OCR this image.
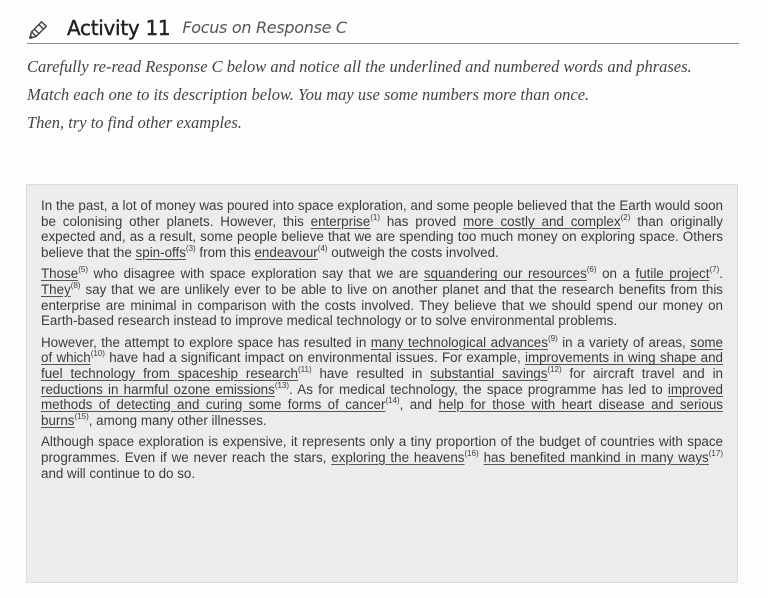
Activity 11 Focus on Response C

Carefully re-read Response C below and notice all the underlined and numbered words and phrases.

Match each one to its description below. You may use some numbers more than once.

Then, try to find other examples.

In the past, a lot of money was poured into space exploration, and some people believed that the Earth would soon be colonising other planets. However, this enterprise$^{(1)}$ has proved more costly and complex$^{(2)}$ than originally expected and, as a result, some people believe that we are spending too much money on exploring space. Others believe that the spin-offs$^{(3)}$ from this endeavour$^{(4)}$ outweigh the costs involved.

Those$^{(5)}$ who disagree with space exploration say that we are squandering our resources$^{(6)}$ on a futile project$^{(7)}$. They$^{(8)}$ say that we are unlikely ever to be able to live on another planet and that the research benefits from this enterprise are minimal in comparison with the costs involved. They believe that we should spend our money on Earth-based research instead to improve medical technology or to solve environmental problems.

However, the attempt to explore space has resulted in many technological advances$^{(9)}$ in a variety of areas, some of which$^{(10)}$ have had a significant impact on environmental issues. For example, improvements in wing shape and fuel technology from spaceship research$^{(11)}$ have resulted in substantial savings$^{(12)}$ for aircraft travel and in reductions in harmful ozone emissions$^{(13)}$. As for medical technology, the space programme has led to improved methods of detecting and curing some forms of cancer$^{(14)}$, and help for those with heart disease and serious burns$^{(15)}$, among many other illnesses.

Although space exploration is expensive, it represents only a tiny proportion of the budget of countries with space programmes. Even if we never reach the stars, exploring the heavens$^{(16)}$ has benefited mankind in many ways$^{(17)}$ and will continue to do so.
